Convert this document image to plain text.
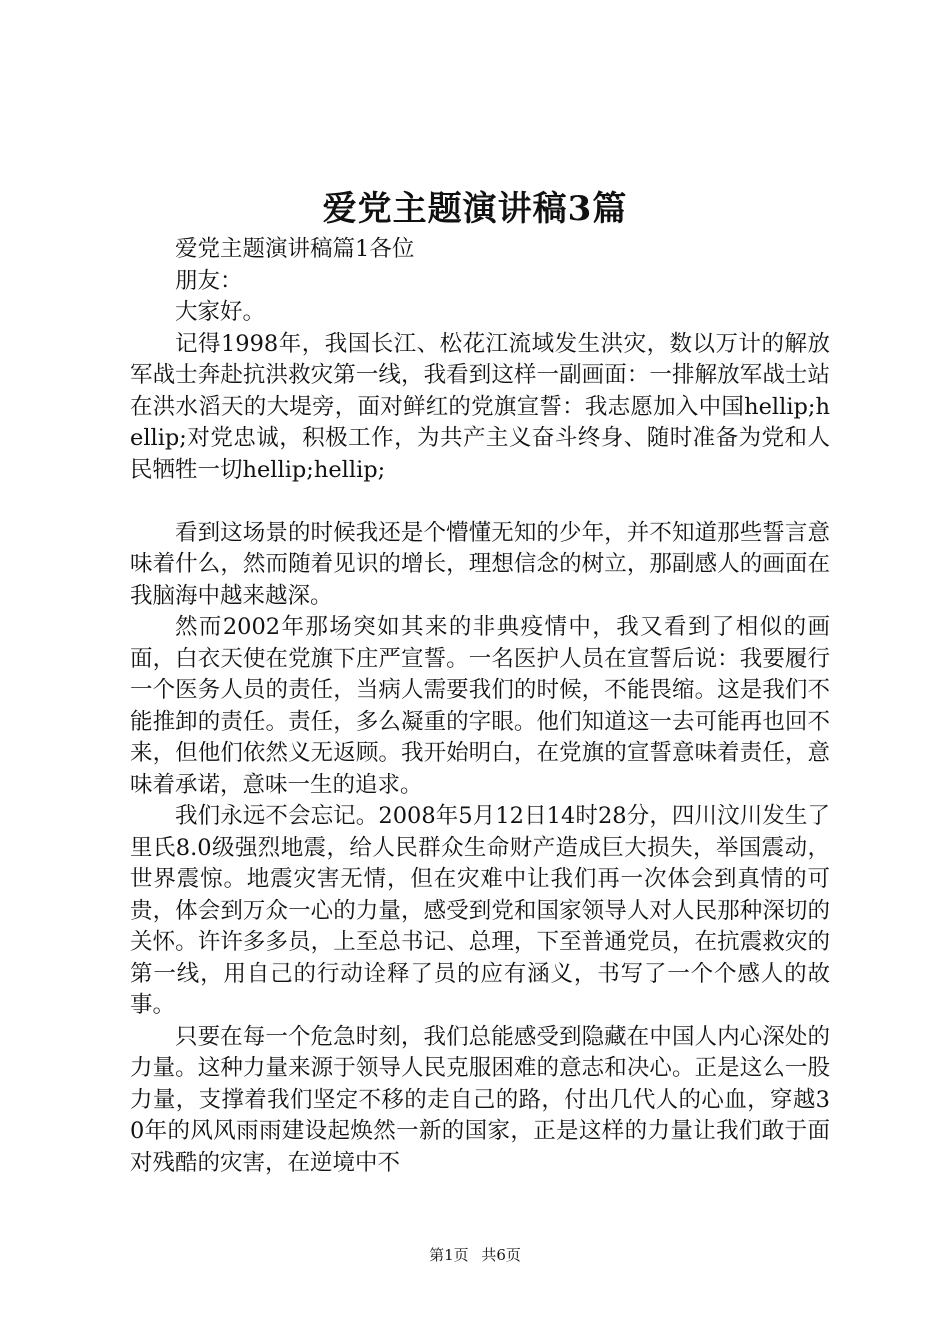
爱党主题演讲稿3篇

爱党主题演讲稿篇1各位

朋友：

大家好。

记得1998年，我国长江、松花江流域发生洪灾，数以万计的解放军战士奔赴抗洪救灾第一线，我看到这样一副画面：一排解放军战士站在洪水滔天的大堤旁，面对鲜红的党旗宣誓：我志愿加入中国hellip;hellip;对党忠诚，积极工作，为共产主义奋斗终身、随时准备为党和人民牺牲一切hellip;hellip;

看到这场景的时候我还是个懵懂无知的少年，并不知道那些誓言意味着什么，然而随着见识的增长，理想信念的树立，那副感人的画面在我脑海中越来越深。

然而2002年那场突如其来的非典疫情中，我又看到了相似的画面，白衣天使在党旗下庄严宣誓。一名医护人员在宣誓后说：我要履行一个医务人员的责任，当病人需要我们的时候，不能畏缩。这是我们不能推卸的责任。责任，多么凝重的字眼。他们知道这一去可能再也回不来，但他们依然义无返顾。我开始明白，在党旗的宣誓意味着责任，意味着承诺，意味一生的追求。

我们永远不会忘记。2008年5月12日14时28分，四川汶川发生了里氏8.0级强烈地震，给人民群众生命财产造成巨大损失，举国震动，世界震惊。地震灾害无情，但在灾难中让我们再一次体会到真情的可贵，体会到万众一心的力量，感受到党和国家领导人对人民那种深切的关怀。许许多多员，上至总书记、总理，下至普通党员，在抗震救灾的第一线，用自己的行动诠释了员的应有涵义，书写了一个个感人的故事。

只要在每一个危急时刻，我们总能感受到隐藏在中国人内心深处的力量。这种力量来源于领导人民克服困难的意志和决心。正是这么一股力量，支撑着我们坚定不移的走自己的路，付出几代人的心血，穿越30年的风风雨雨建设起焕然一新的国家，正是这样的力量让我们敢于面对残酷的灾害，在逆境中不

第1页 共6页
